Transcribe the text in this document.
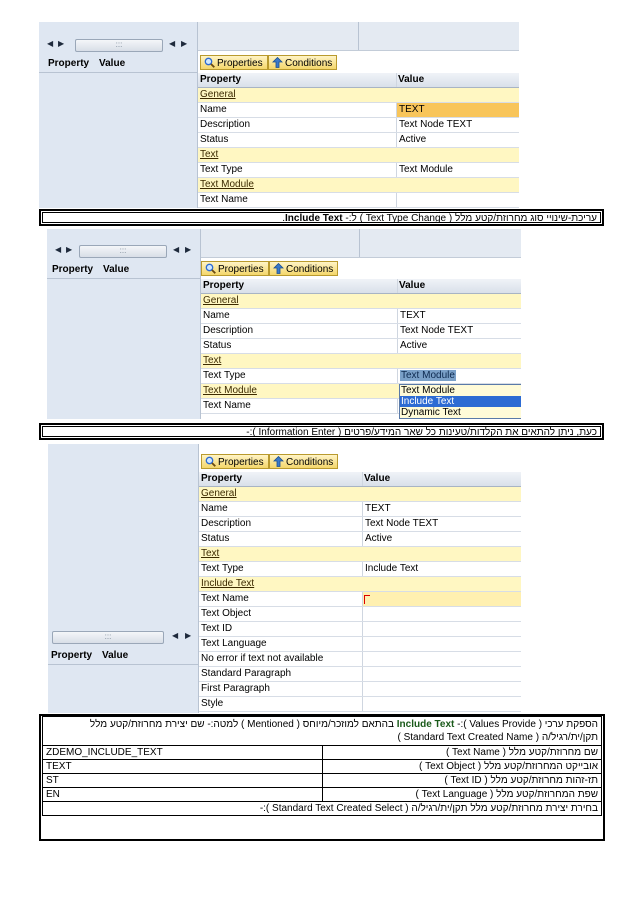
◀ ▶	:::	◀ ▶
Property Value	Properties	Conditions
Property	Value
General
Name	TEXT
Description	Text Node TEXT
Status	Active
Text
Text Type	Text Module
Text Module
Text Name
עריכת-שינויי סוג מחרוזת/קטע מלל ( Text Type Change ) ל:- Include Text.
◀ ▶	:::	◀ ▶
Property Value	Properties	Conditions
Property	Value
General
Name	TEXT
Description	Text Node TEXT
Status	Active
Text
Text Type	Text Module
Text Module
Text Name
Text Module
Include Text
Dynamic Text
כעת, ניתן להתאים את הקלדות/טעינות כל שאר המידע/פרטים ( Information Enter ):-
:::	◀ ▶
Property Value
Properties	Conditions
Property	Value
General
Name	TEXT
Description	Text Node TEXT
Status	Active
Text
Text Type	Include Text
Include Text
Text Name
Text Object
Text ID
Text Language
No error if text not available
Standard Paragraph
First Paragraph
Style
הספקת ערכי ( Values Provide ):- Include Text בהתאם למוזכר/מיוחס ( Mentioned ) למטה:- שם יצירת מחרוזת/קטע מלל תקן/ית/רגיל/ה ( Standard Text Created Name )	
שם מחרוזת/קטע מלל ( Text Name )	ZDEMO_INCLUDE_TEXT
אובייקט המחרוזת/קטע מלל ( Text Object )	TEXT
תז-זהות מחרוזת/קטע מלל ( Text ID )	ST
שפת המחרוזת/קטע מלל ( Text Language )	EN
בחירת יצירת מחרוזת/קטע מלל תקן/ית/רגיל/ה ( Standard Text Created Select ):-	
